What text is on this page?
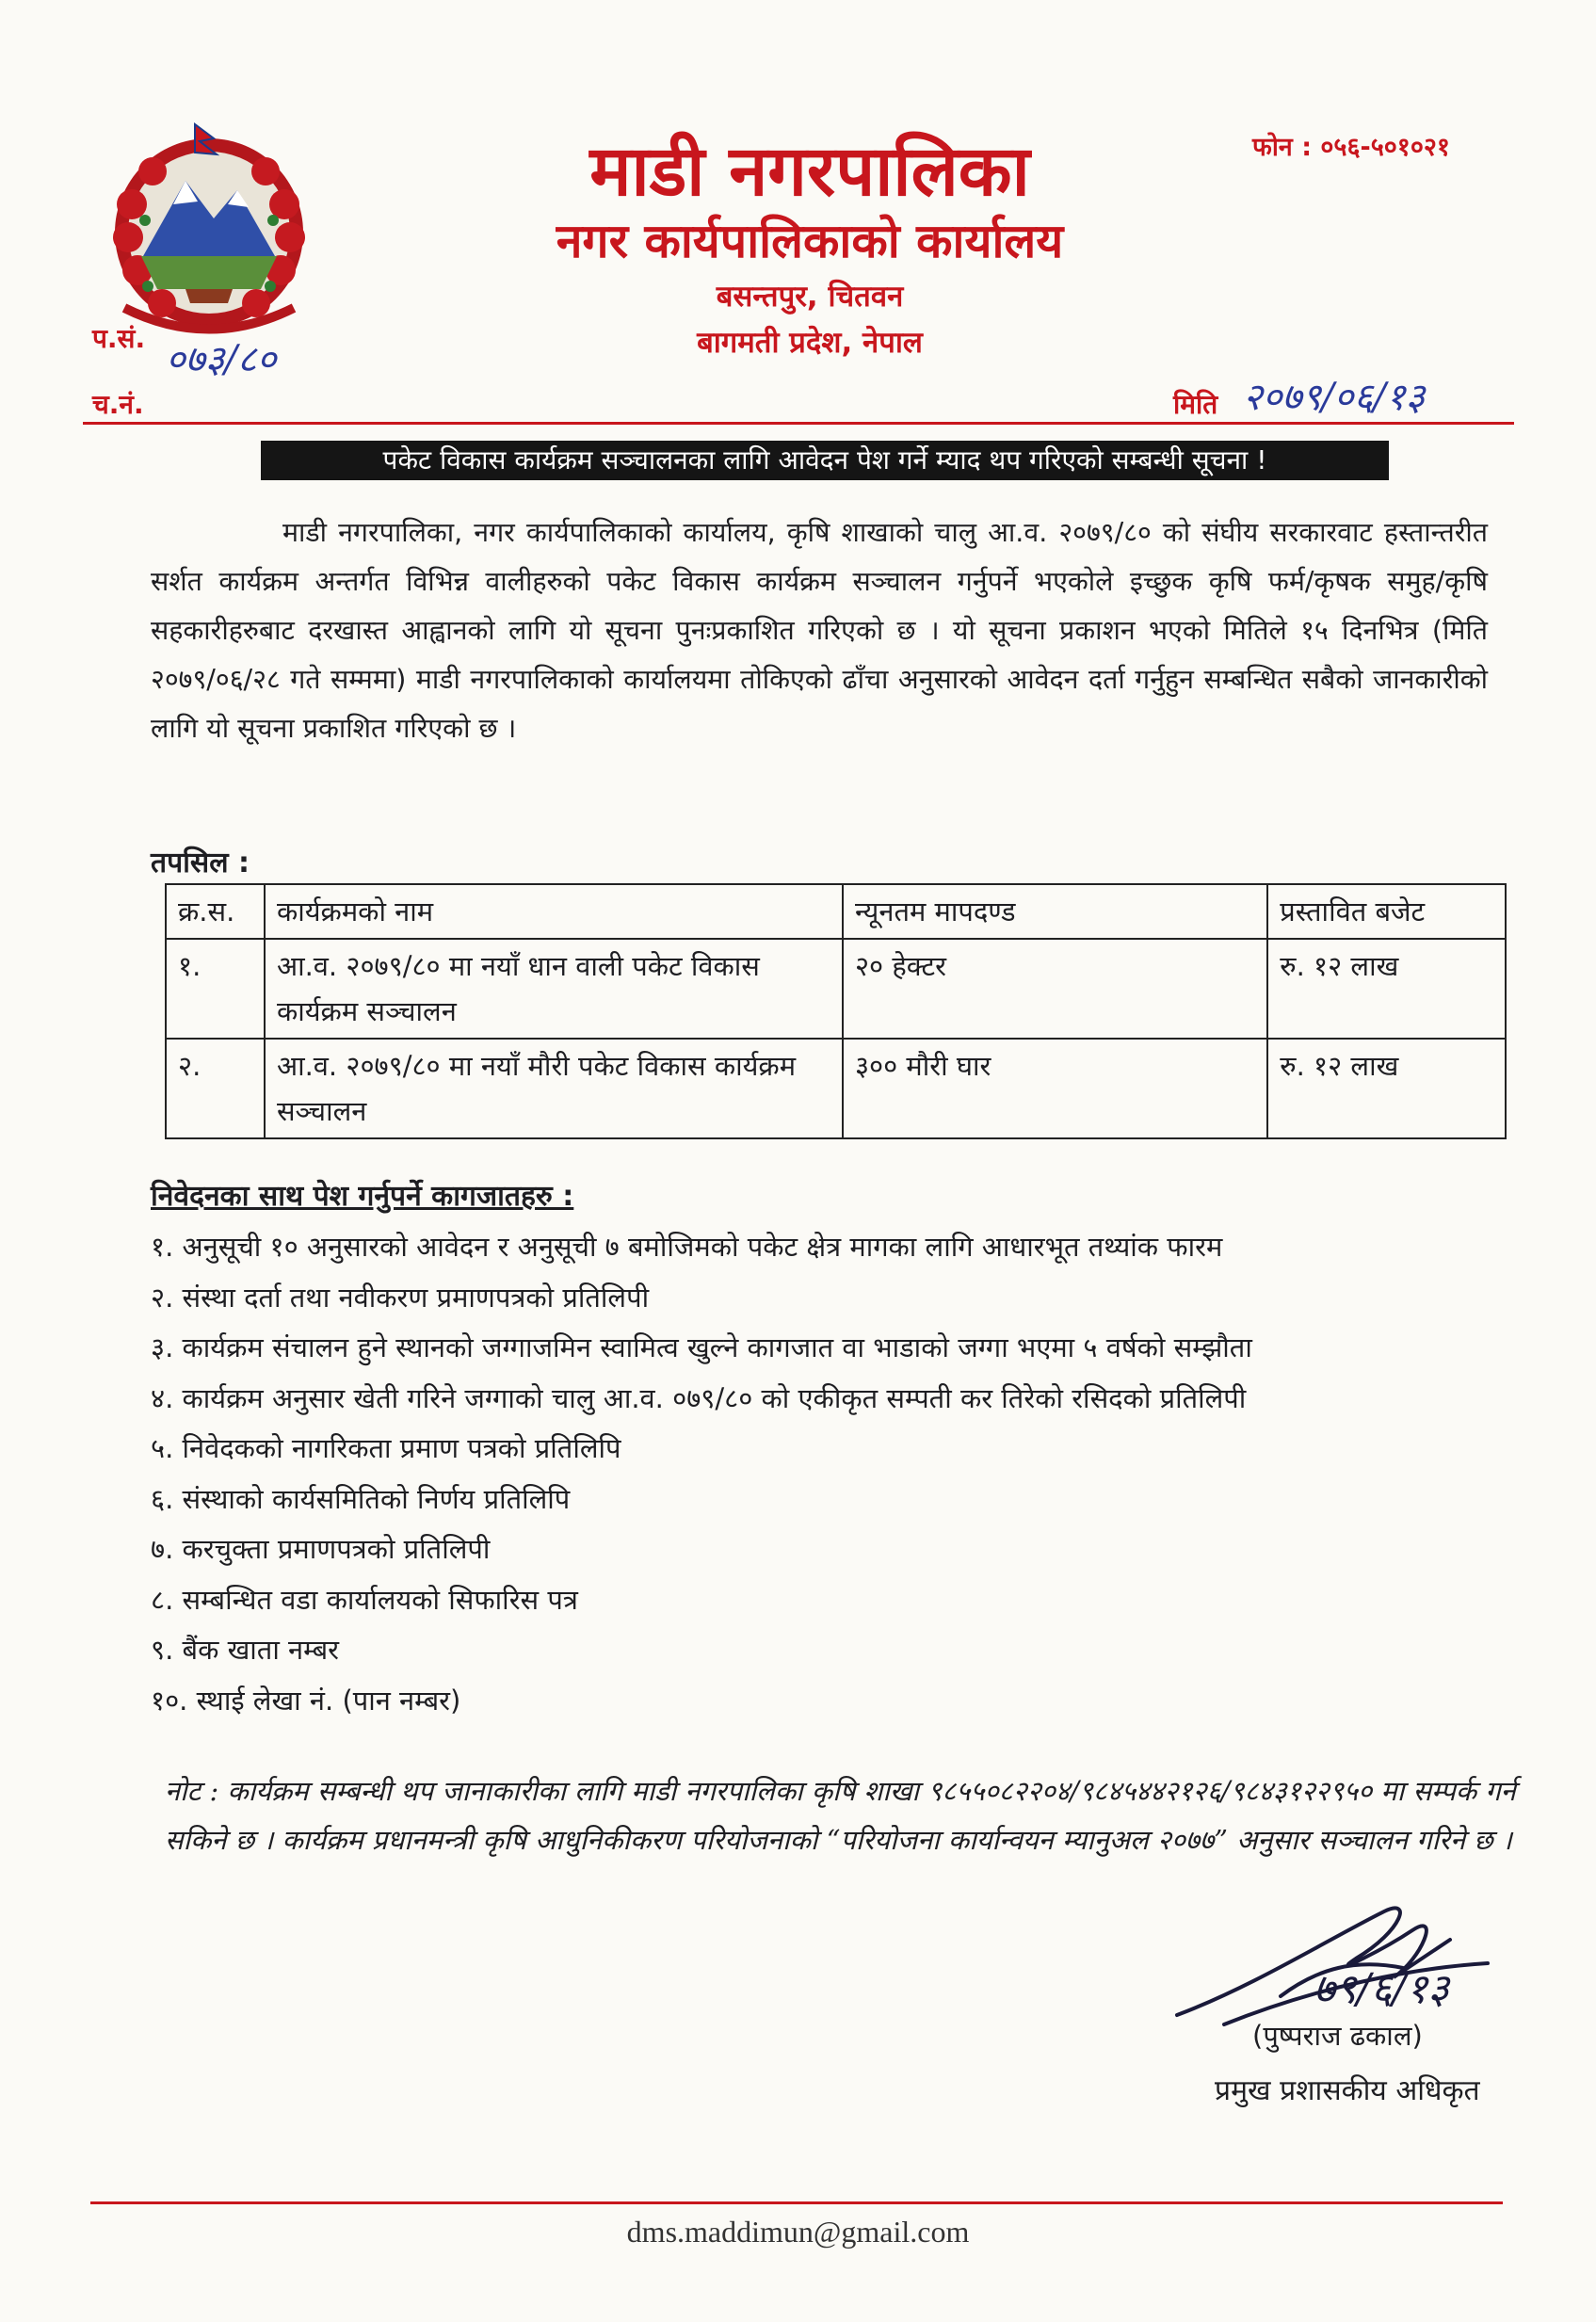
माडी नगरपालिका
नगर कार्यपालिकाको कार्यालय
बसन्तपुर, चितवन
बागमती प्रदेश, नेपाल
फोन : ०५६-५०१०२१
प.सं. ०७३/८०
च.नं.	मिति २०७९/०६/१३
पकेट विकास कार्यक्रम सञ्चालनका लागि आवेदन पेश गर्ने म्याद थप गरिएको सम्बन्धी सूचना !
माडी नगरपालिका, नगर कार्यपालिकाको कार्यालय, कृषि शाखाको चालु आ.व. २०७९/८० को संघीय सरकारवाट हस्तान्तरीत सर्शत कार्यक्रम अन्तर्गत विभिन्न वालीहरुको पकेट विकास कार्यक्रम सञ्चालन गर्नुपर्ने भएकोले इच्छुक कृषि फर्म/कृषक समुह/कृषि सहकारीहरुबाट दरखास्त आह्वानको लागि यो सूचना पुनःप्रकाशित गरिएको छ । यो सूचना प्रकाशन भएको मितिले १५ दिनभित्र (मिति २०७९/०६/२८ गते सम्ममा) माडी नगरपालिकाको कार्यालयमा तोकिएको ढाँचा अनुसारको आवेदन दर्ता गर्नुहुन सम्बन्धित सबैको जानकारीको लागि यो सूचना प्रकाशित गरिएको छ ।
तपसिल :
क्र.स.	कार्यक्रमको नाम	न्यूनतम मापदण्ड	प्रस्तावित बजेट
१.	आ.व. २०७९/८० मा नयाँ धान वाली पकेट विकास कार्यक्रम सञ्चालन	२० हेक्टर	रु. १२ लाख
२.	आ.व. २०७९/८० मा नयाँ मौरी पकेट विकास कार्यक्रम सञ्चालन	३०० मौरी घार	रु. १२ लाख
निवेदनका साथ पेश गर्नुपर्ने कागजातहरु :
१. अनुसूची १० अनुसारको आवेदन र अनुसूची ७ बमोजिमको पकेट क्षेत्र मागका लागि आधारभूत तथ्यांक फारम
२. संस्था दर्ता तथा नवीकरण प्रमाणपत्रको प्रतिलिपी
३. कार्यक्रम संचालन हुने स्थानको जग्गाजमिन स्वामित्व खुल्ने कागजात वा भाडाको जग्गा भएमा ५ वर्षको सम्झौता
४. कार्यक्रम अनुसार खेती गरिने जग्गाको चालु आ.व. ०७९/८० को एकीकृत सम्पती कर तिरेको रसिदको प्रतिलिपी
५. निवेदकको नागरिकता प्रमाण पत्रको प्रतिलिपि
६. संस्थाको कार्यसमितिको निर्णय प्रतिलिपि
७. करचुक्ता प्रमाणपत्रको प्रतिलिपी
८. सम्बन्धित वडा कार्यालयको सिफारिस पत्र
९. बैंक खाता नम्बर
१०. स्थाई लेखा नं. (पान नम्बर)
नोट : कार्यक्रम सम्बन्धी थप जानाकारीका लागि माडी नगरपालिका कृषि शाखा ९८५५०८२२०४/९८४५४४२१२६/९८४३१२२९५० मा सम्पर्क गर्न सकिने छ । कार्यक्रम प्रधानमन्त्री कृषि आधुनिकीकरण परियोजनाको “परियोजना कार्यान्वयन म्यानुअल २०७७” अनुसार सञ्चालन गरिने छ ।
७९/६/१३
(पुष्पराज ढकाल)
प्रमुख प्रशासकीय अधिकृत
dms.maddimun@gmail.com
